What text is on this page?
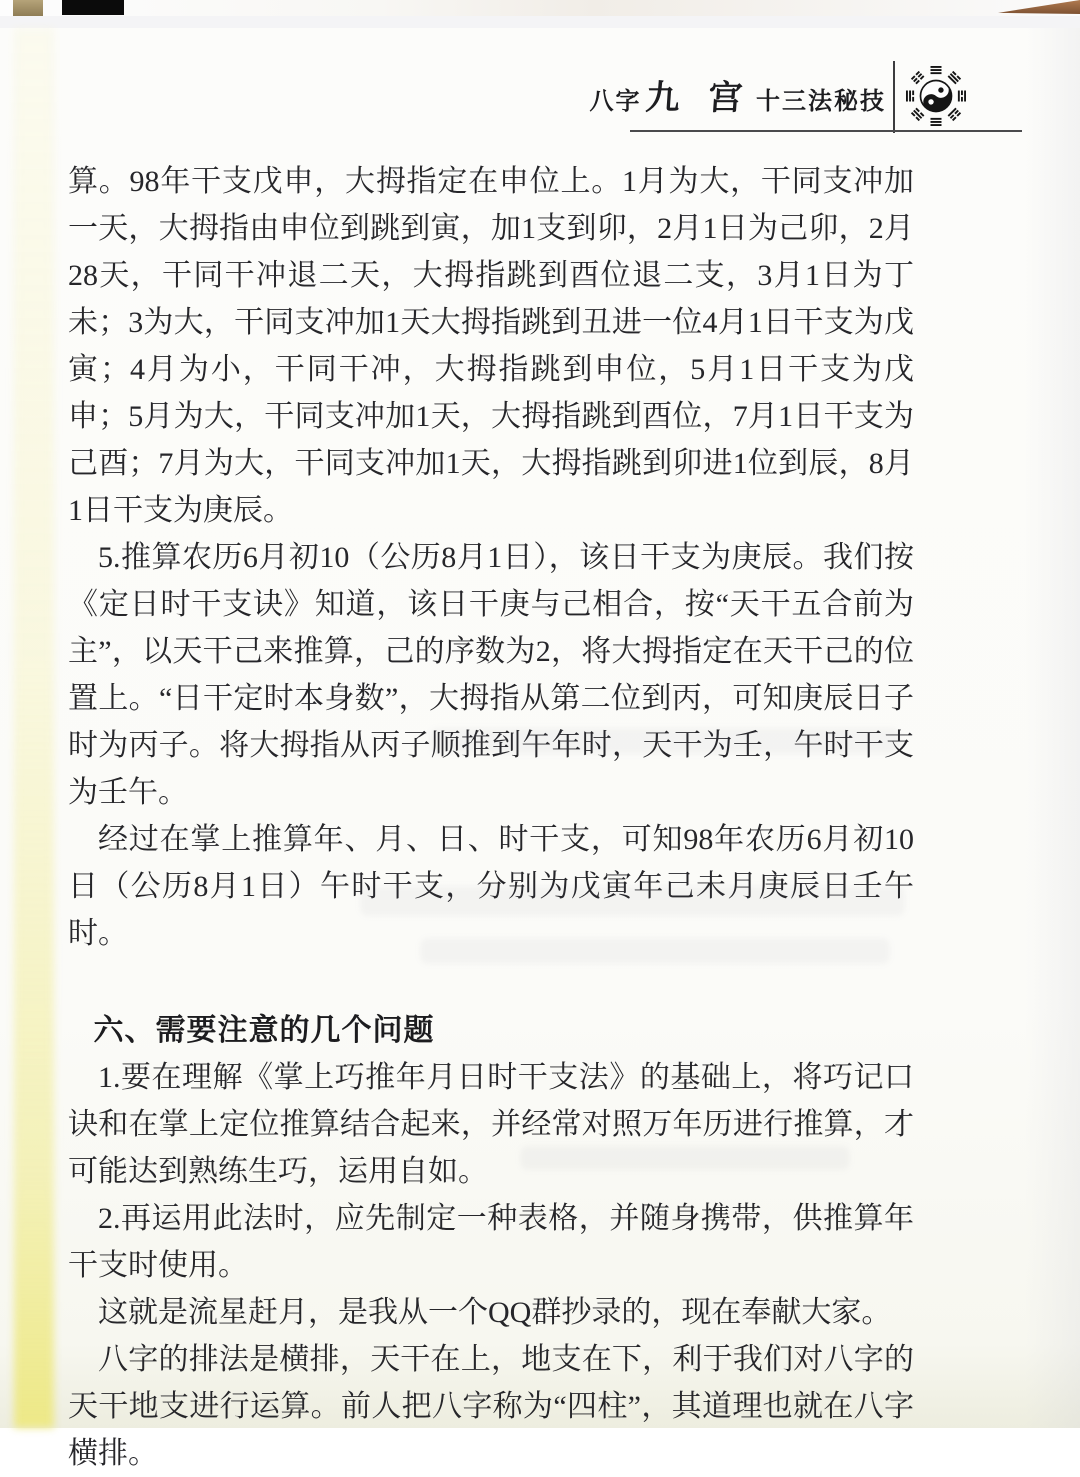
八字九 宫 十三法秘技

算。98年干支戊申，大拇指定在申位上。1月为大，干同支冲加一天，大拇指由申位到跳到寅，加1支到卯，2月1日为己卯，2月28天，干同干冲退二天，大拇指跳到酉位退二支，3月1日为丁未；3为大，干同支冲加1天大拇指跳到丑进一位4月1日干支为戊寅；4月为小，干同干冲，大拇指跳到申位，5月1日干支为戊申；5月为大，干同支冲加1天，大拇指跳到酉位，7月1日干支为己酉；7月为大，干同支冲加1天，大拇指跳到卯进1位到辰，8月1日干支为庚辰。

5.推算农历6月初10（公历8月1日），该日干支为庚辰。我们按《定日时干支诀》知道，该日干庚与己相合，按“天干五合前为主”，以天干己来推算，己的序数为2，将大拇指定在天干己的位置上。“日干定时本身数”，大拇指从第二位到丙，可知庚辰日子时为丙子。将大拇指从丙子顺推到午年时，天干为壬，午时干支为壬午。

经过在掌上推算年、月、日、时干支，可知98年农历6月初10日（公历8月1日）午时干支，分别为戊寅年己未月庚辰日壬午时。

六、需要注意的几个问题

1.要在理解《掌上巧推年月日时干支法》的基础上，将巧记口诀和在掌上定位推算结合起来，并经常对照万年历进行推算，才可能达到熟练生巧，运用自如。

2.再运用此法时，应先制定一种表格，并随身携带，供推算年干支时使用。

这就是流星赶月，是我从一个QQ群抄录的，现在奉献大家。

八字的排法是横排，天干在上，地支在下，利于我们对八字的天干地支进行运算。前人把八字称为“四柱”，其道理也就在八字横排。
